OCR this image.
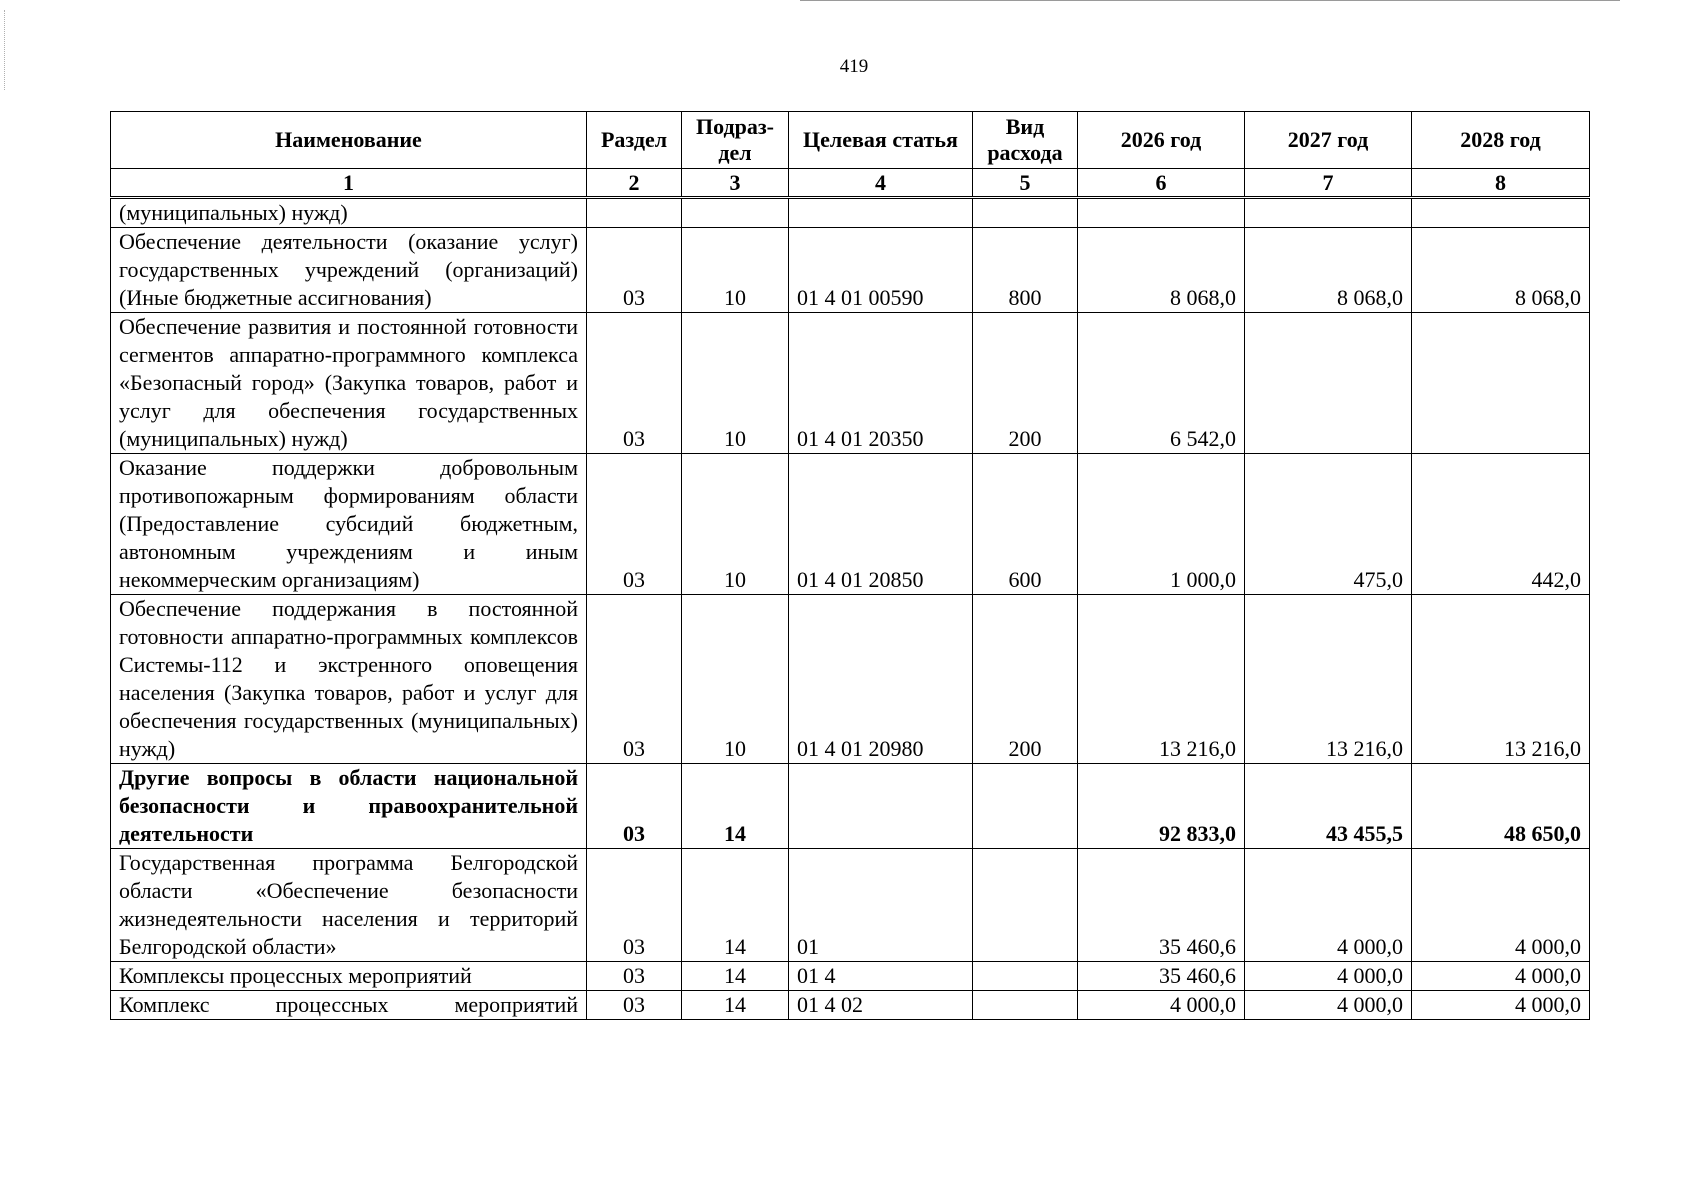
419
Наименование	Раздел	Подраз-дел	Целевая статья	Вид расхода	2026 год	2027 год	2028 год
1	2	3	4	5	6	7	8
(муниципальных) нужд)							
Обеспечение деятельности (оказание услуг) государственных учреждений (организаций) (Иные бюджетные ассигнования)	03	10	01 4 01 00590	800	8 068,0	8 068,0	8 068,0
Обеспечение развития и постоянной готовности сегментов аппаратно-программного комплекса «Безопасный город» (Закупка товаров, работ и услуг для обеспечения государственных (муниципальных) нужд)	03	10	01 4 01 20350	200	6 542,0		
Оказание поддержки добровольным противопожарным формированиям области (Предоставление субсидий бюджетным, автономным учреждениям и иным некоммерческим организациям)	03	10	01 4 01 20850	600	1 000,0	475,0	442,0
Обеспечение поддержания в постоянной готовности аппаратно-программных комплексов Системы-112 и экстренного оповещения населения (Закупка товаров, работ и услуг для обеспечения государственных (муниципальных) нужд)	03	10	01 4 01 20980	200	13 216,0	13 216,0	13 216,0
Другие вопросы в области национальной безопасности и правоохранительной деятельности	03	14			92 833,0	43 455,5	48 650,0
Государственная программа Белгородской области «Обеспечение безопасности жизнедеятельности населения и территорий Белгородской области»	03	14	01		35 460,6	4 000,0	4 000,0
Комплексы процессных мероприятий	03	14	01 4		35 460,6	4 000,0	4 000,0
Комплекс процессных мероприятий	03	14	01 4 02		4 000,0	4 000,0	4 000,0
